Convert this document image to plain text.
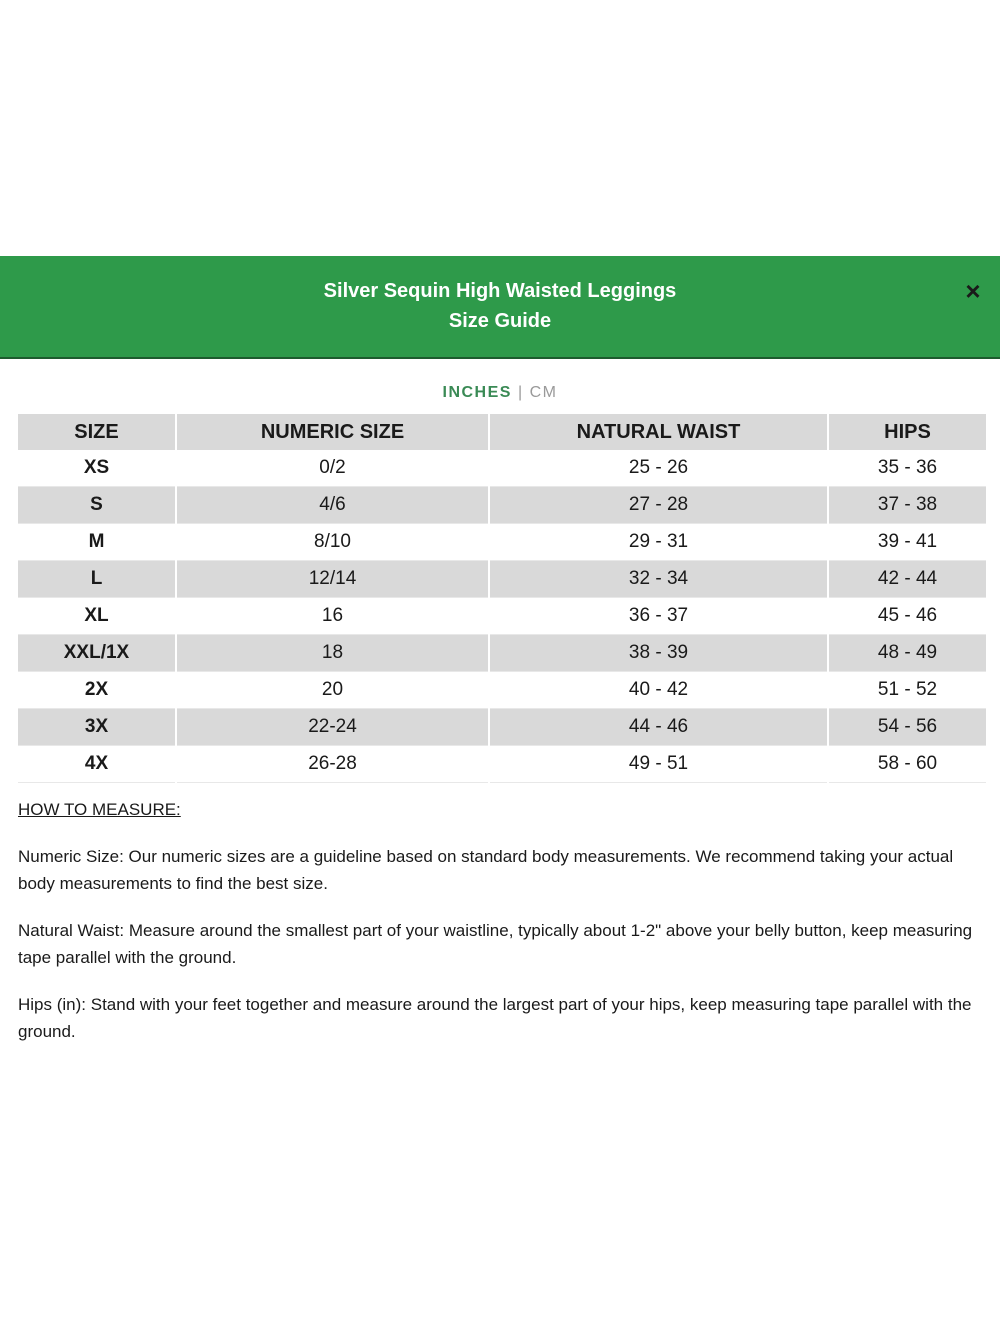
Silver Sequin High Waisted Leggings
Size Guide
×
INCHES | CM
SIZE	NUMERIC SIZE	NATURAL WAIST	HIPS
XS	0/2	25 - 26	35 - 36
S	4/6	27 - 28	37 - 38
M	8/10	29 - 31	39 - 41
L	12/14	32 - 34	42 - 44
XL	16	36 - 37	45 - 46
XXL/1X	18	38 - 39	48 - 49
2X	20	40 - 42	51 - 52
3X	22-24	44 - 46	54 - 56
4X	26-28	49 - 51	58 - 60
HOW TO MEASURE:

Numeric Size: Our numeric sizes are a guideline based on standard body measurements. We recommend taking your actual body measurements to find the best size.

Natural Waist: Measure around the smallest part of your waistline, typically about 1-2" above your belly button, keep measuring tape parallel with the ground.

Hips (in): Stand with your feet together and measure around the largest part of your hips, keep measuring tape parallel with the ground.
